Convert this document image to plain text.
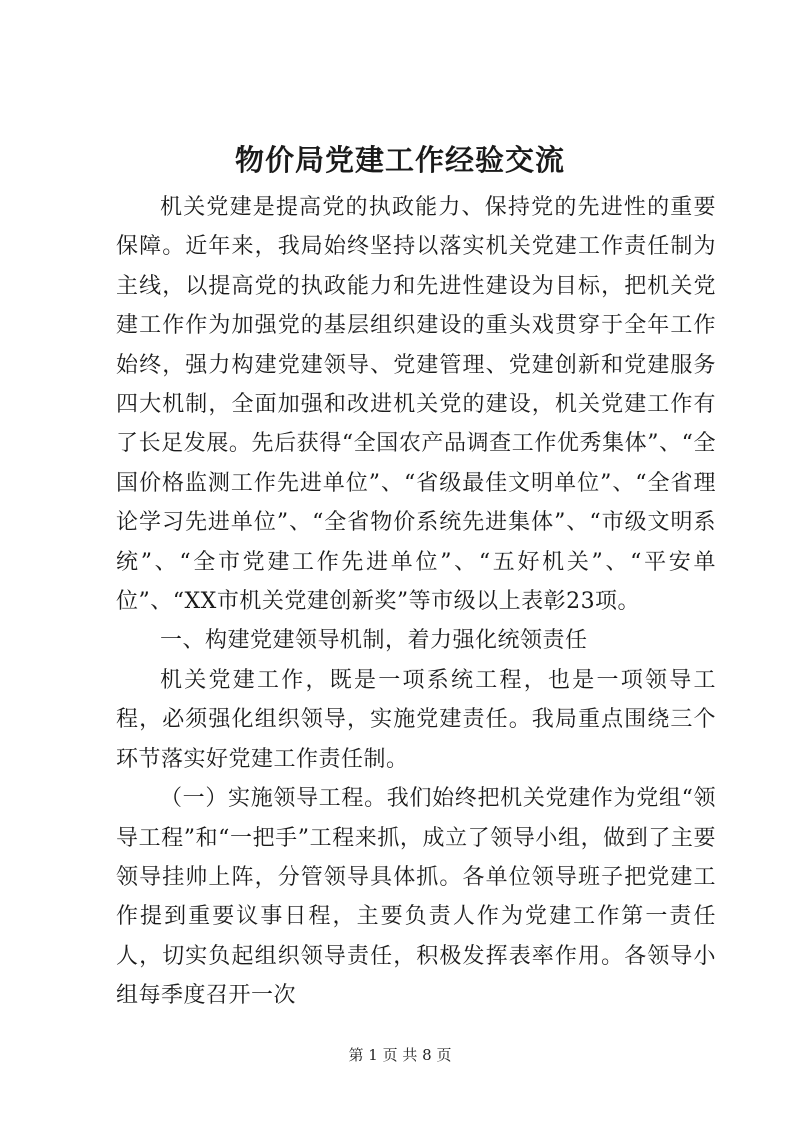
物价局党建工作经验交流

机关党建是提高党的执政能力、保持党的先进性的重要保障。近年来，我局始终坚持以落实机关党建工作责任制为主线，以提高党的执政能力和先进性建设为目标，把机关党建工作作为加强党的基层组织建设的重头戏贯穿于全年工作始终，强力构建党建领导、党建管理、党建创新和党建服务四大机制，全面加强和改进机关党的建设，机关党建工作有了长足发展。先后获得“全国农产品调查工作优秀集体”、“全国价格监测工作先进单位”、“省级最佳文明单位”、“全省理论学习先进单位”、“全省物价系统先进集体”、“市级文明系统”、“全市党建工作先进单位”、“五好机关”、“平安单位”、“XX市机关党建创新奖”等市级以上表彰23项。

一、构建党建领导机制，着力强化统领责任

机关党建工作，既是一项系统工程，也是一项领导工程，必须强化组织领导，实施党建责任。我局重点围绕三个环节落实好党建工作责任制。

（一）实施领导工程。我们始终把机关党建作为党组“领导工程”和“一把手”工程来抓，成立了领导小组，做到了主要领导挂帅上阵，分管领导具体抓。各单位领导班子把党建工作提到重要议事日程，主要负责人作为党建工作第一责任人，切实负起组织领导责任，积极发挥表率作用。各领导小组每季度召开一次

第 1 页 共 8 页
